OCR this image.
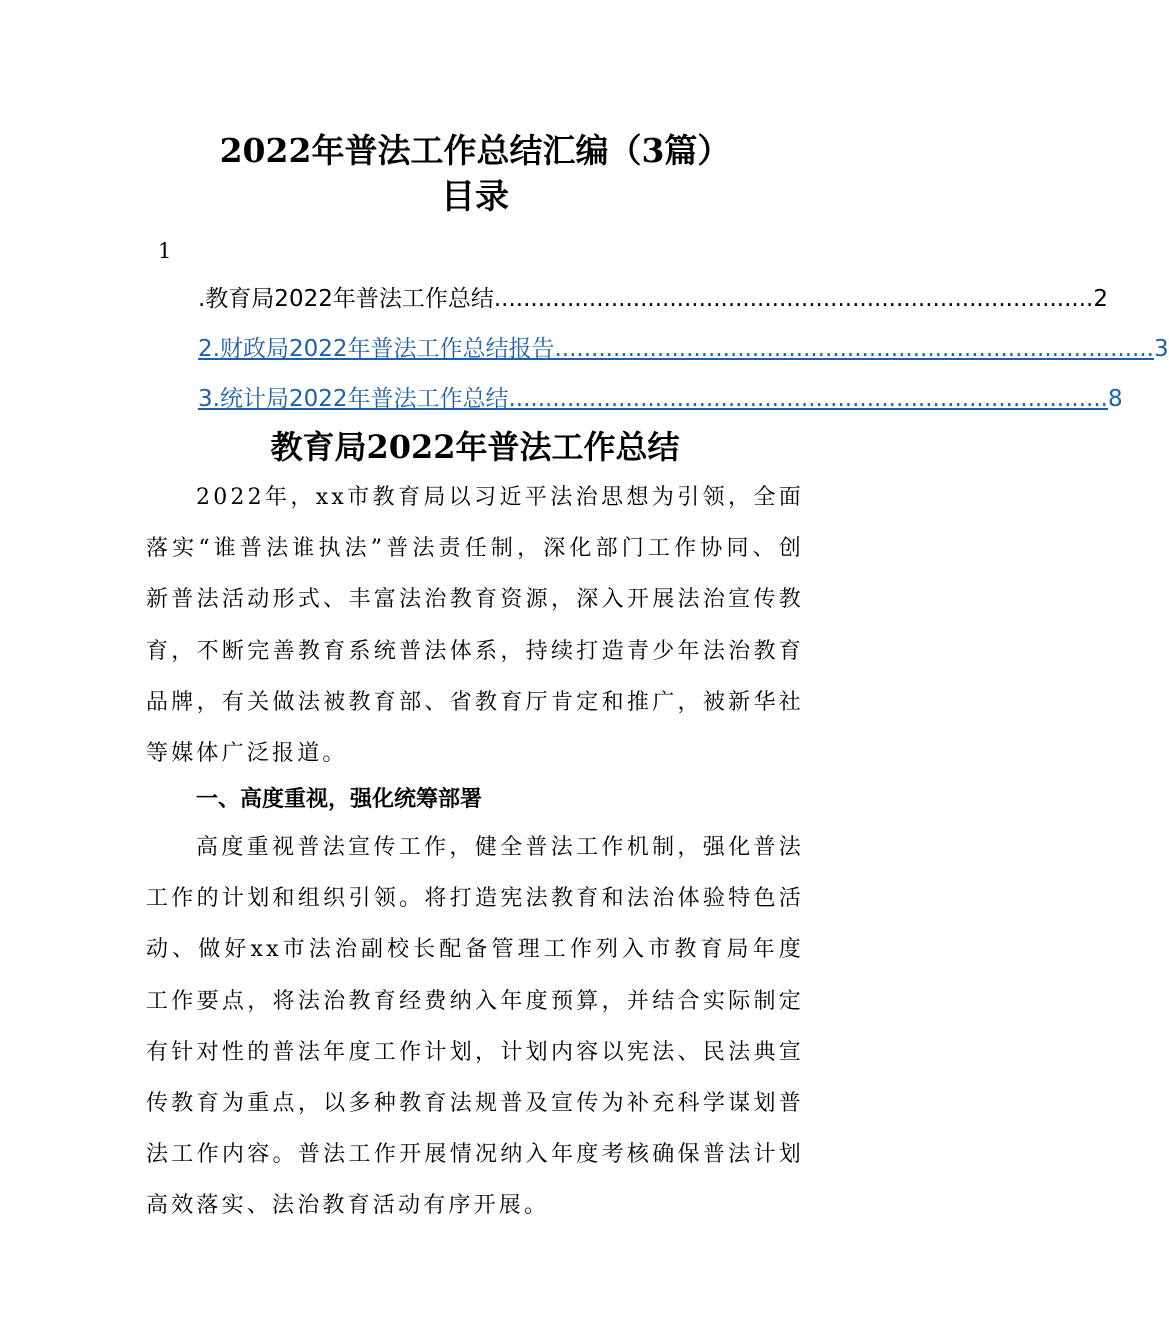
2022年普法工作总结汇编（3篇）
目录
1
.教育局2022年普法工作总结 .................................................................................. 2
2.财政局2022年普法工作总结报告 .................................................................................. 3
3.统计局2022年普法工作总结 .................................................................................. 8
教育局2022年普法工作总结

2022年，xx市教育局以习近平法治思想为引领，全面落实“谁普法谁执法”普法责任制，深化部门工作协同、创新普法活动形式、丰富法治教育资源，深入开展法治宣传教育，不断完善教育系统普法体系，持续打造青少年法治教育品牌，有关做法被教育部、省教育厅肯定和推广，被新华社等媒体广泛报道。

一、高度重视，强化统筹部署

高度重视普法宣传工作，健全普法工作机制，强化普法工作的计划和组织引领。将打造宪法教育和法治体验特色活动、做好xx市法治副校长配备管理工作列入市教育局年度工作要点，将法治教育经费纳入年度预算，并结合实际制定有针对性的普法年度工作计划，计划内容以宪法、民法典宣传教育为重点，以多种教育法规普及宣传为补充科学谋划普法工作内容。普法工作开展情况纳入年度考核确保普法计划高效落实、法治教育活动有序开展。
